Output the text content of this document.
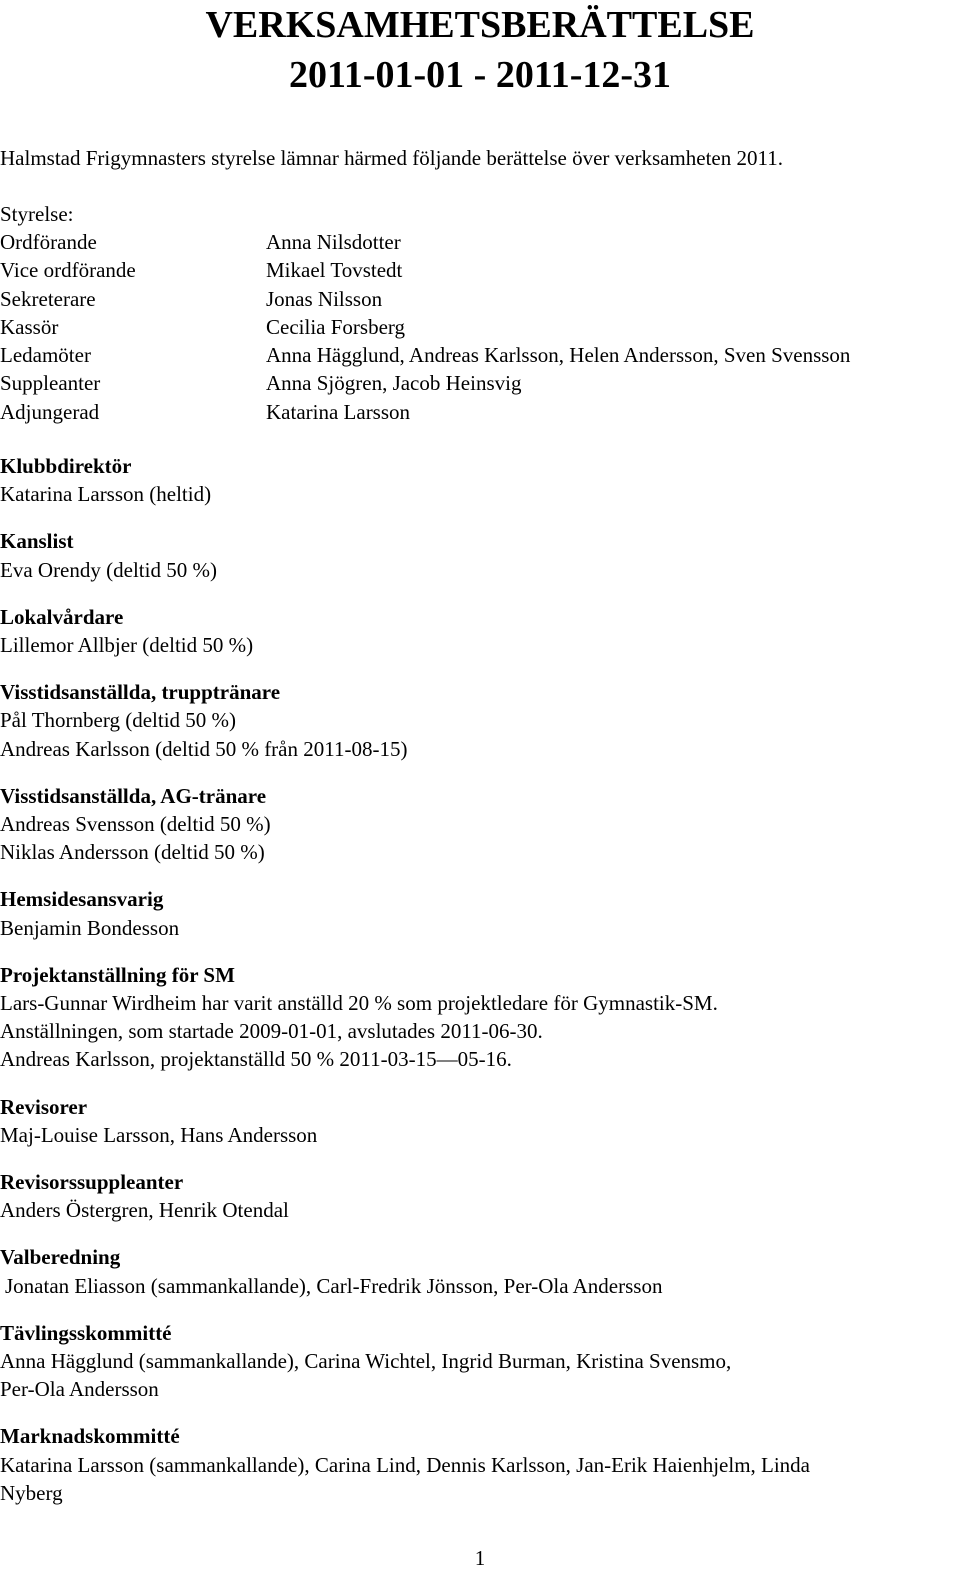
VERKSAMHETSBERÄTTELSE
2011-01-01 - 2011-12-31

Halmstad Frigymnasters styrelse lämnar härmed följande berättelse över verksamheten 2011.

Styrelse:

Ordförande	Anna Nilsdotter
Vice ordförande	Mikael Tovstedt
Sekreterare	Jonas Nilsson
Kassör	Cecilia Forsberg
Ledamöter	Anna Hägglund, Andreas Karlsson, Helen Andersson, Sven Svensson
Suppleanter	Anna Sjögren, Jacob Heinsvig
Adjungerad	Katarina Larsson

Klubbdirektör

Katarina Larsson (heltid)

Kanslist

Eva Orendy (deltid 50 %)

Lokalvårdare

Lillemor Allbjer (deltid 50 %)

Visstidsanställda, trupptränare

Pål Thornberg (deltid 50 %)

Andreas Karlsson (deltid 50 % från 2011-08-15)

Visstidsanställda, AG-tränare

Andreas Svensson (deltid 50 %)

Niklas Andersson (deltid 50 %)

Hemsidesansvarig

Benjamin Bondesson

Projektanställning för SM

Lars-Gunnar Wirdheim har varit anställd 20 % som projektledare för Gymnastik-SM.

Anställningen, som startade 2009-01-01, avslutades 2011-06-30.

Andreas Karlsson, projektanställd 50 % 2011-03-15—05-16.

Revisorer

Maj-Louise Larsson, Hans Andersson

Revisorssuppleanter

Anders Östergren, Henrik Otendal

Valberedning

Jonatan Eliasson (sammankallande), Carl-Fredrik Jönsson, Per-Ola Andersson

Tävlingsskommitté

Anna Hägglund (sammankallande), Carina Wichtel, Ingrid Burman, Kristina Svensmo,

Per-Ola Andersson

Marknadskommitté

Katarina Larsson (sammankallande), Carina Lind, Dennis Karlsson, Jan-Erik Haienhjelm, Linda

Nyberg

1
